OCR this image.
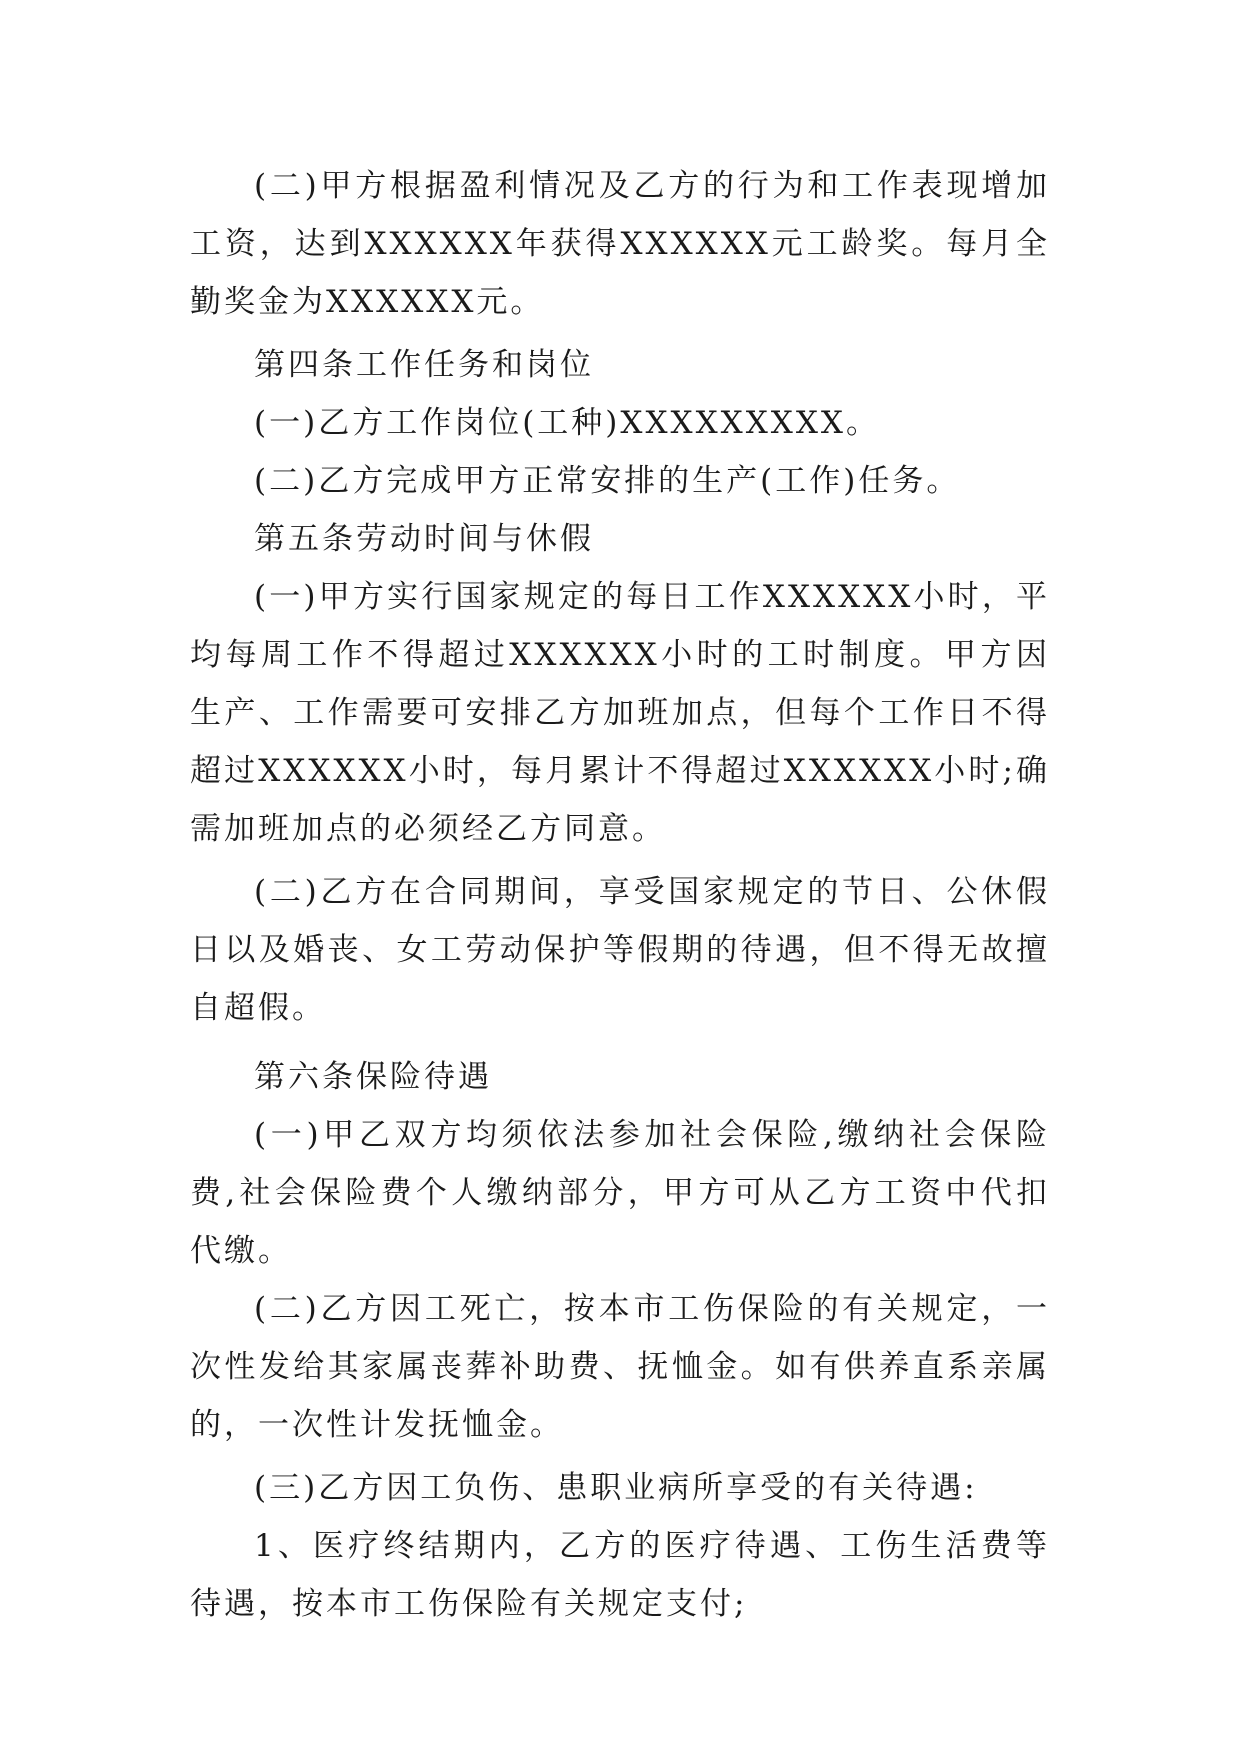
(二)甲方根据盈利情况及乙方的行为和工作表现增加工资，达到XXXXXX年获得XXXXXX元工龄奖。每月全勤奖金为XXXXXX元。

第四条工作任务和岗位

(一)乙方工作岗位(工种)XXXXXXXXX。

(二)乙方完成甲方正常安排的生产(工作)任务。

第五条劳动时间与休假

(一)甲方实行国家规定的每日工作XXXXXX小时，平均每周工作不得超过XXXXXX小时的工时制度。甲方因生产、工作需要可安排乙方加班加点，但每个工作日不得超过XXXXXX小时，每月累计不得超过XXXXXX小时;确需加班加点的必须经乙方同意。

(二)乙方在合同期间，享受国家规定的节日、公休假日以及婚丧、女工劳动保护等假期的待遇，但不得无故擅自超假。

第六条保险待遇

(一)甲乙双方均须依法参加社会保险,缴纳社会保险费,社会保险费个人缴纳部分，甲方可从乙方工资中代扣代缴。

(二)乙方因工死亡，按本市工伤保险的有关规定，一次性发给其家属丧葬补助费、抚恤金。如有供养直系亲属的，一次性计发抚恤金。

(三)乙方因工负伤、患职业病所享受的有关待遇:

1、医疗终结期内，乙方的医疗待遇、工伤生活费等待遇，按本市工伤保险有关规定支付;
